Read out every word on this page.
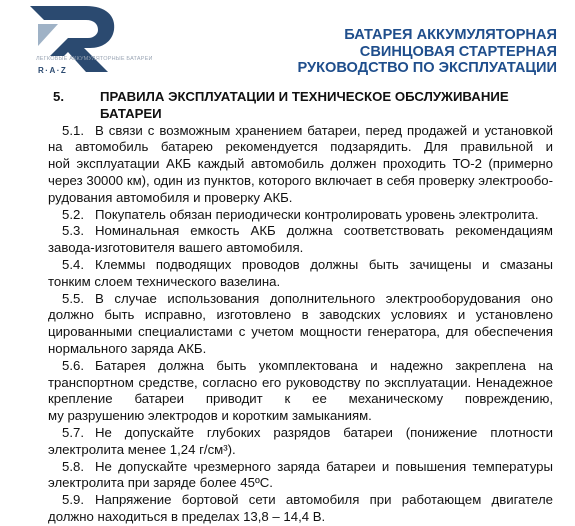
ЛЕГКОВЫЕ АККУМУЛЯТОРНЫЕ БАТАРЕИ
R·A·Z
БАТАРЕЯ АККУМУЛЯТОРНАЯ
СВИНЦОВАЯ СТАРТЕРНАЯ
РУКОВОДСТВО ПО ЭКСПЛУАТАЦИИ
5.	ПРАВИЛА ЭКСПЛУАТАЦИИ И ТЕХНИЧЕСКОЕ ОБСЛУЖИВАНИЕ
БАТАРЕИ
5.1. В связи с возможным хранением батареи, перед продажей и установкой
на автомобиль батарею рекомендуется подзарядить. Для правильной и
ной эксплуатации АКБ каждый автомобиль должен проходить ТО-2 (примерно
через 30000 км), один из пунктов, которого включает в себя проверку электрообо-
рудования автомобиля и проверку АКБ.
5.2. Покупатель обязан периодически контролировать уровень электролита.
5.3. Номинальная емкость АКБ должна соответствовать рекомендациям
завода-изготовителя вашего автомобиля.
5.4. Клеммы подводящих проводов должны быть зачищены и смазаны
тонким слоем технического вазелина.
5.5. В случае использования дополнительного электрооборудования оно
должно быть исправно, изготовлено в заводских условиях и установлено
цированными специалистами с учетом мощности генератора, для обеспечения
нормального заряда АКБ.
5.6. Батарея должна быть укомплектована и надежно закреплена на
транспортном средстве, согласно его руководству по эксплуатации. Ненадежное
крепление батареи приводит к ее механическому повреждению,
му разрушению электродов и коротким замыканиям.
5.7. Не допускайте глубоких разрядов батареи (понижение плотности
электролита менее 1,24 г/см³).
5.8. Не допускайте чрезмерного заряда батареи и повышения температуры
электролита при заряде более 45ºС.
5.9. Напряжение бортовой сети автомобиля при работающем двигателе
должно находиться в пределах 13,8 – 14,4 В.
